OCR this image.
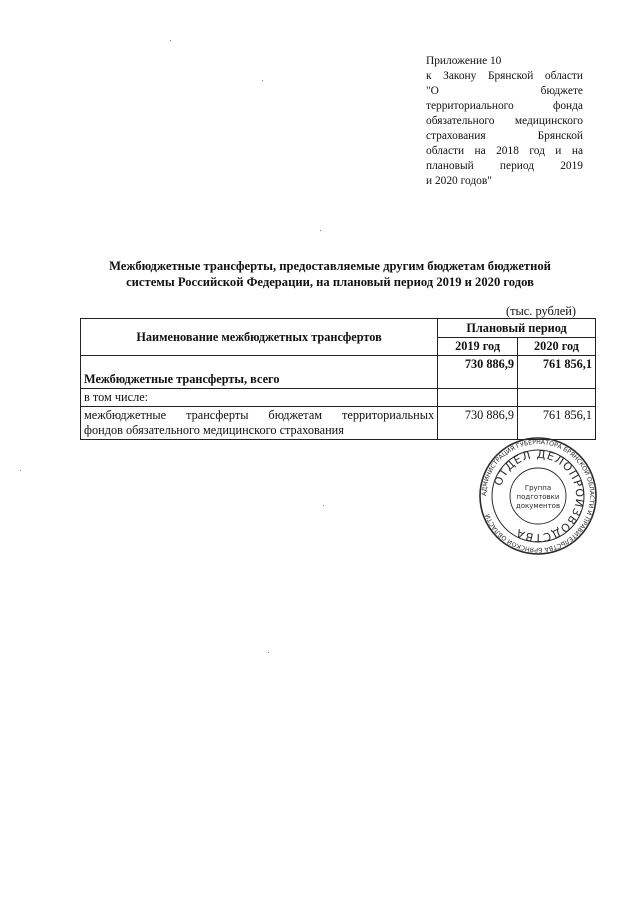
Приложение 10
к Закону Брянской области
"О бюджете
территориального фонда
обязательного медицинского
страхования Брянской
области на 2018 год и на
плановый период 2019
и 2020 годов"
Межбюджетные трансферты, предоставляемые другим бюджетам бюджетной
системы Российской Федерации, на плановый период 2019 и 2020 годов
(тыс. рублей)
Наименование межбюджетных трансфертов	Плановый период	
	2019 год	2020 год
Межбюджетные трансферты, всего	730 886,9	761 856,1
в том числе:		

межбюджетные трансферты бюджетам территориальных
фондов обязательного медицинского страхования	730 886,9	761 856,1
АДМИНИСТРАЦИЯ ГУБЕРНАТОРА БРЯНСКОЙ ОБЛАСТИ И ПРАВИТЕЛЬСТВА БРЯНСКОЙ ОБЛАСТИ
ОТДЕЛ ДЕЛОПРОИЗВОДСТВА
Группа
подготовки
документов
